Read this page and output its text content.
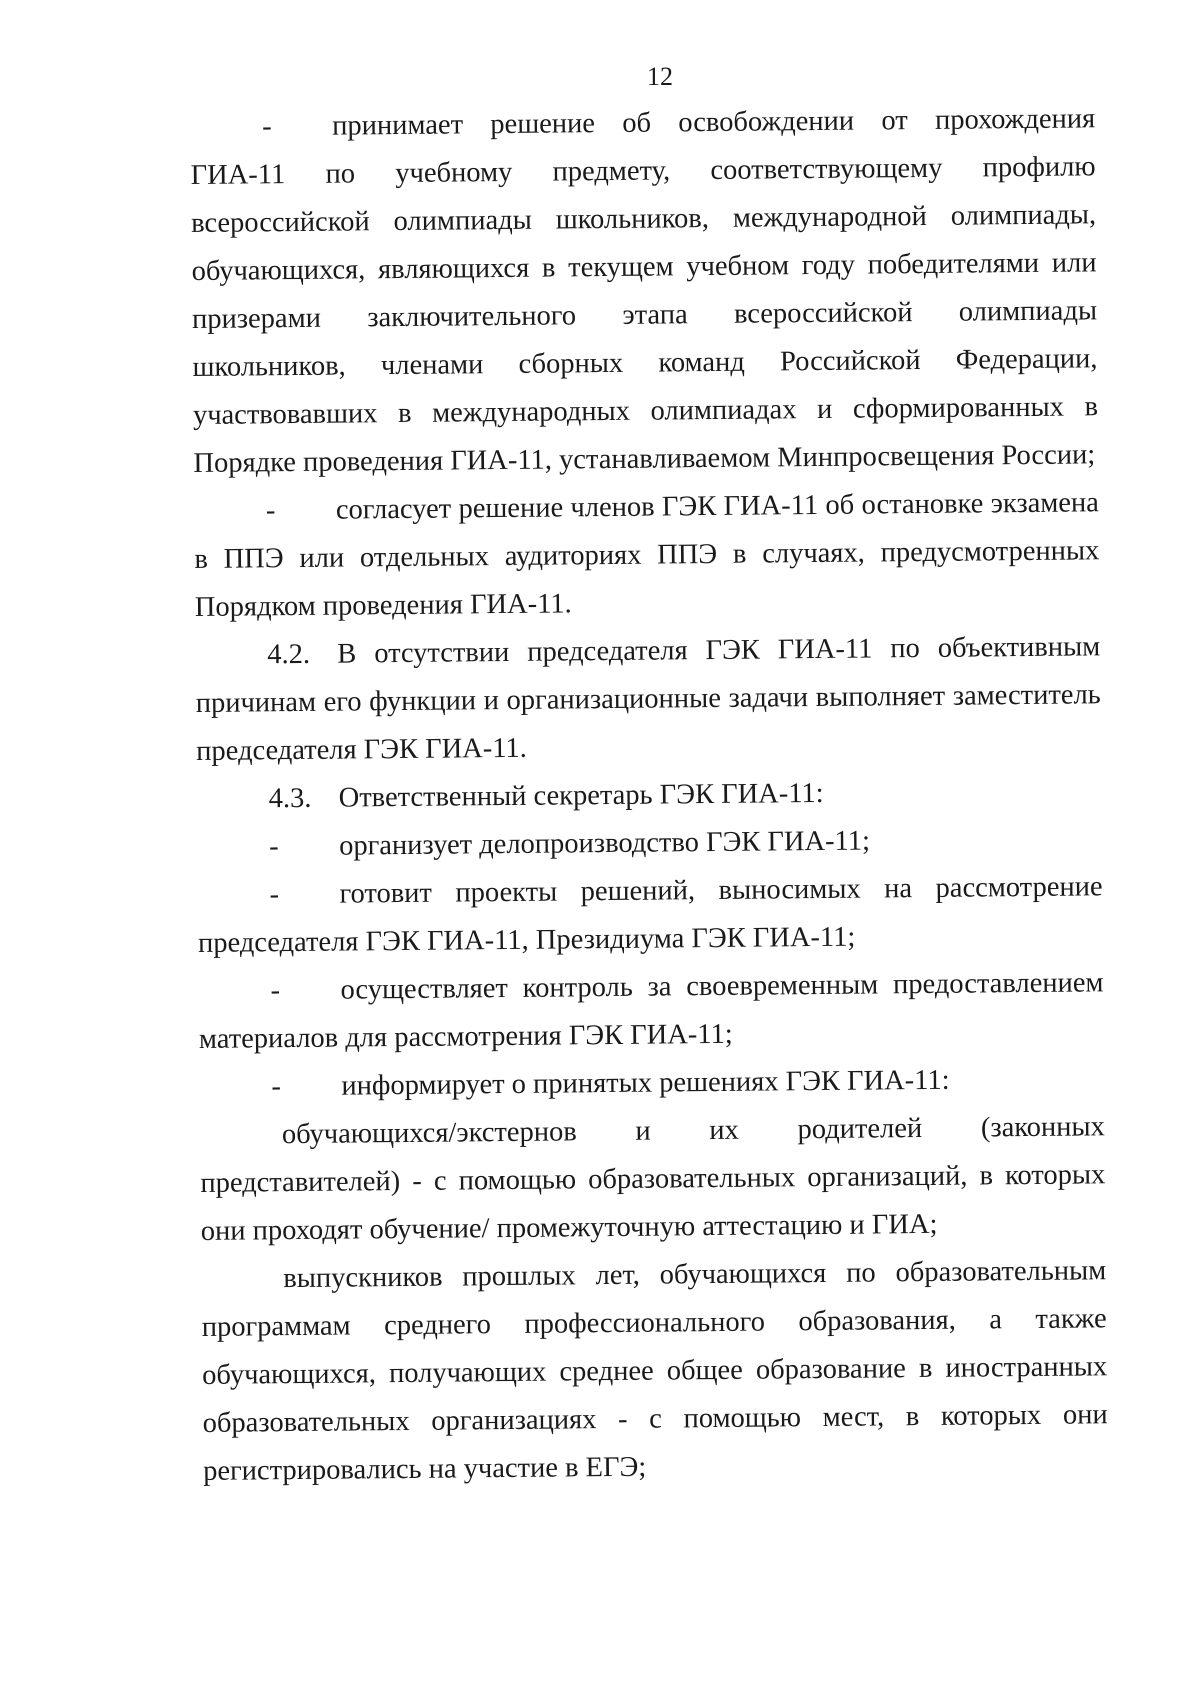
12

- принимает решение об освобождении от прохождения ГИА-11 по учебному предмету, соответствующему профилю всероссийской олимпиады школьников, международной олимпиады, обучающихся, являющихся в текущем учебном году победителями или призерами заключительного этапа всероссийской олимпиады школьников, членами сборных команд Российской Федерации, участвовавших в международных олимпиадах и сформированных в Порядке проведения ГИА-11, устанавливаемом Минпросвещения России;

- согласует решение членов ГЭК ГИА-11 об остановке экзамена в ППЭ или отдельных аудиториях ППЭ в случаях, предусмотренных Порядком проведения ГИА-11.

4.2. В отсутствии председателя ГЭК ГИА-11 по объективным причинам его функции и организационные задачи выполняет заместитель председателя ГЭК ГИА-11.

4.3. Ответственный секретарь ГЭК ГИА-11:

- организует делопроизводство ГЭК ГИА-11;

- готовит проекты решений, выносимых на рассмотрение председателя ГЭК ГИА-11, Президиума ГЭК ГИА-11;

- осуществляет контроль за своевременным предоставлением материалов для рассмотрения ГЭК ГИА-11;

- информирует о принятых решениях ГЭК ГИА-11:

обучающихся/экстернов и их родителей (законных представителей) - с помощью образовательных организаций, в которых они проходят обучение/ промежуточную аттестацию и ГИА;

выпускников прошлых лет, обучающихся по образовательным программам среднего профессионального образования, а также обучающихся, получающих среднее общее образование в иностранных образовательных организациях - с помощью мест, в которых они регистрировались на участие в ЕГЭ;
